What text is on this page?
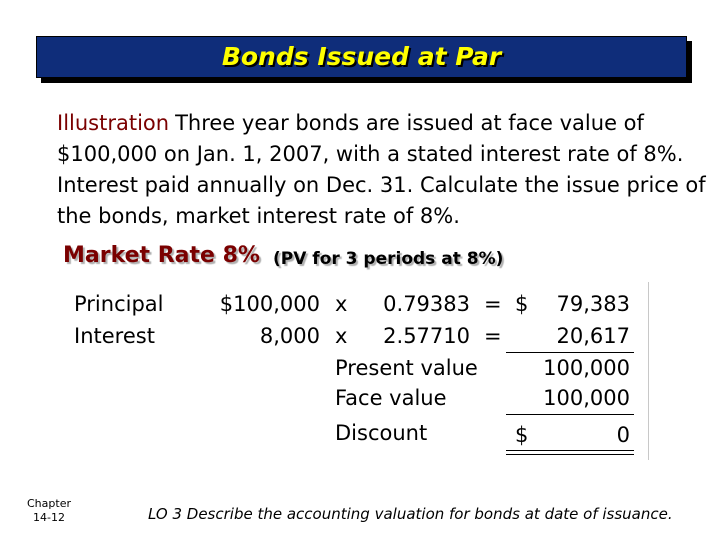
Bonds Issued at Par
Illustration Three year bonds are issued at face value of $100,000 on Jan. 1, 2007, with a stated interest rate of 8%. Interest paid annually on Dec. 31. Calculate the issue price of the bonds, market interest rate of 8%.
Market Rate 8% (PV for 3 periods at 8%)
Principal	$100,000 x	0.79383 = $	79,383
Interest	8,000 x	2.57710 =	20,617
Present value	100,000
Face value	100,000
Discount	$	0
Chapter
14-12	LO 3 Describe the accounting valuation for bonds at date of issuance.
